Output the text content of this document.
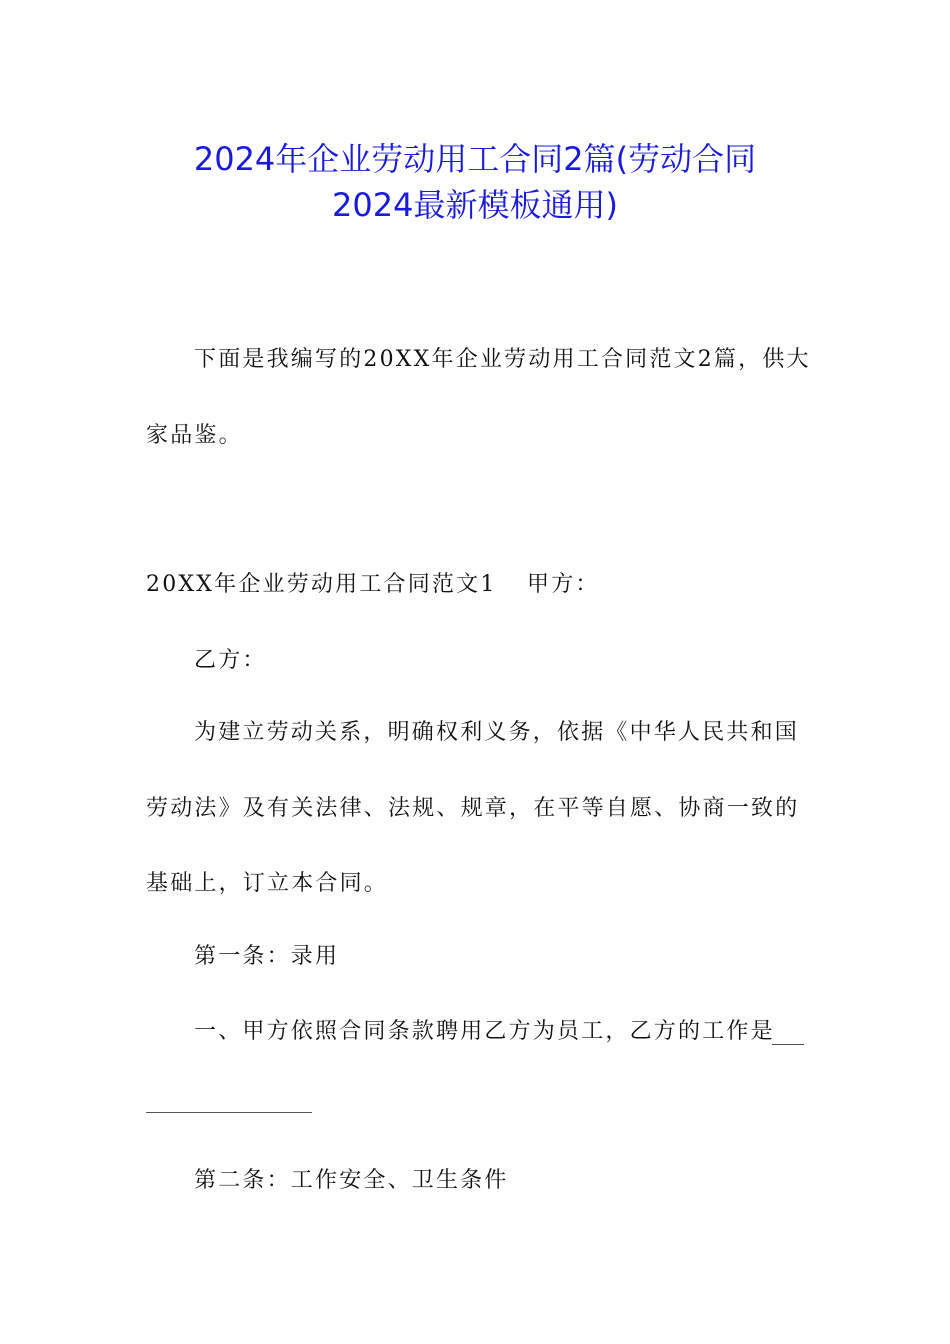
2024年企业劳动用工合同2篇(劳动合同
2024最新模板通用)
下面是我编写的20XX年企业劳动用工合同范文2篇，供大
家品鉴。
20XX年企业劳动用工合同范文1 甲方：
乙方：
为建立劳动关系，明确权利义务，依据《中华人民共和国
劳动法》及有关法律、法规、规章，在平等自愿、协商一致的
基础上，订立本合同。
第一条：录用
一、甲方依照合同条款聘用乙方为员工，乙方的工作是
第二条：工作安全、卫生条件
